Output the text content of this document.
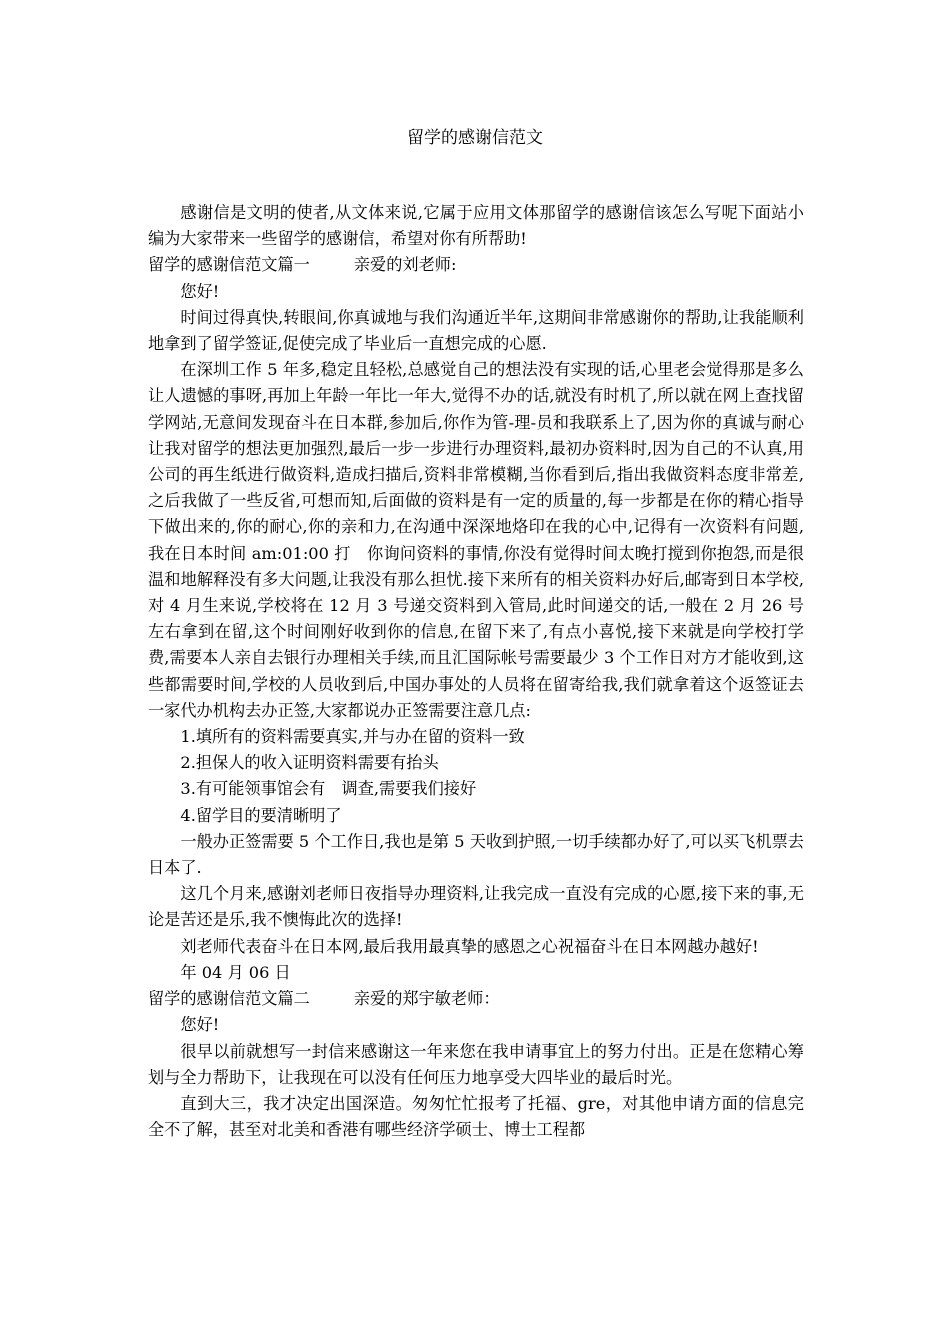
留学的感谢信范文

感谢信是文明的使者,从文体来说,它属于应用文体那留学的感谢信该怎么写呢下面站小编为大家带来一些留学的感谢信，希望对你有所帮助!

留学的感谢信范文篇一	亲爱的刘老师:

您好!

时间过得真快,转眼间,你真诚地与我们沟通近半年,这期间非常感谢你的帮助,让我能顺利地拿到了留学签证,促使完成了毕业后一直想完成的心愿.

在深圳工作 5 年多,稳定且轻松,总感觉自己的想法没有实现的话,心里老会觉得那是多么让人遗憾的事呀,再加上年龄一年比一年大,觉得不办的话,就没有时机了,所以就在网上查找留学网站,无意间发现奋斗在日本群,参加后,你作为管-理-员和我联系上了,因为你的真诚与耐心让我对留学的想法更加强烈,最后一步一步进行办理资料,最初办资料时,因为自己的不认真,用公司的再生纸进行做资料,造成扫描后,资料非常模糊,当你看到后,指出我做资料态度非常差,之后我做了一些反省,可想而知,后面做的资料是有一定的质量的,每一步都是在你的精心指导下做出来的,你的耐心,你的亲和力,在沟通中深深地烙印在我的心中,记得有一次资料有问题,我在日本时间 am:01:00 打　你询问资料的事情,你没有觉得时间太晚打搅到你抱怨,而是很温和地解释没有多大问题,让我没有那么担忧.接下来所有的相关资料办好后,邮寄到日本学校,对 4 月生来说,学校将在 12 月 3 号递交资料到入管局,此时间递交的话,一般在 2 月 26 号左右拿到在留,这个时间刚好收到你的信息,在留下来了,有点小喜悦,接下来就是向学校打学费,需要本人亲自去银行办理相关手续,而且汇国际帐号需要最少 3 个工作日对方才能收到,这些都需要时间,学校的人员收到后,中国办事处的人员将在留寄给我,我们就拿着这个返签证去一家代办机构去办正签,大家都说办正签需要注意几点:

1.填所有的资料需要真实,并与办在留的资料一致

2.担保人的收入证明资料需要有抬头

3.有可能领事馆会有　调查,需要我们接好

4.留学目的要清晰明了

一般办正签需要 5 个工作日,我也是第 5 天收到护照,一切手续都办好了,可以买飞机票去日本了.

这几个月来,感谢刘老师日夜指导办理资料,让我完成一直没有完成的心愿,接下来的事,无论是苦还是乐,我不懊悔此次的选择!

刘老师代表奋斗在日本网,最后我用最真挚的感恩之心祝福奋斗在日本网越办越好!

年 04 月 06 日

留学的感谢信范文篇二	亲爱的郑宇敏老师：

您好!

很早以前就想写一封信来感谢这一年来您在我申请事宜上的努力付出。正是在您精心筹划与全力帮助下，让我现在可以没有任何压力地享受大四毕业的最后时光。

直到大三，我才决定出国深造。匆匆忙忙报考了托福、gre，对其他申请方面的信息完全不了解，甚至对北美和香港有哪些经济学硕士、博士工程都
